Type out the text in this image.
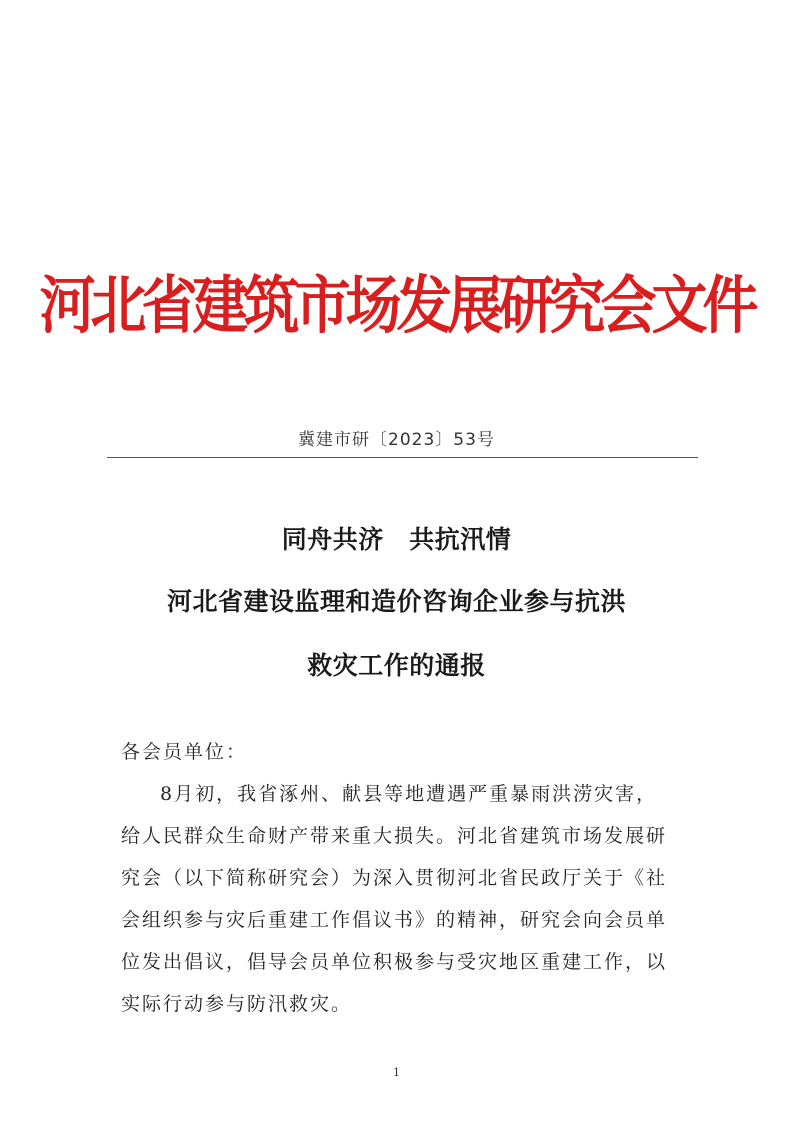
河北省建筑市场发展研究会文件
冀建市研〔2023〕53号
同舟共济　共抗汛情
河北省建设监理和造价咨询企业参与抗洪
救灾工作的通报
各会员单位：
8月初，我省涿州、献县等地遭遇严重暴雨洪涝灾害，
给人民群众生命财产带来重大损失。河北省建筑市场发展研
究会（以下简称研究会）为深入贯彻河北省民政厅关于《社
会组织参与灾后重建工作倡议书》的精神，研究会向会员单
位发出倡议，倡导会员单位积极参与受灾地区重建工作，以
实际行动参与防汛救灾。
1
